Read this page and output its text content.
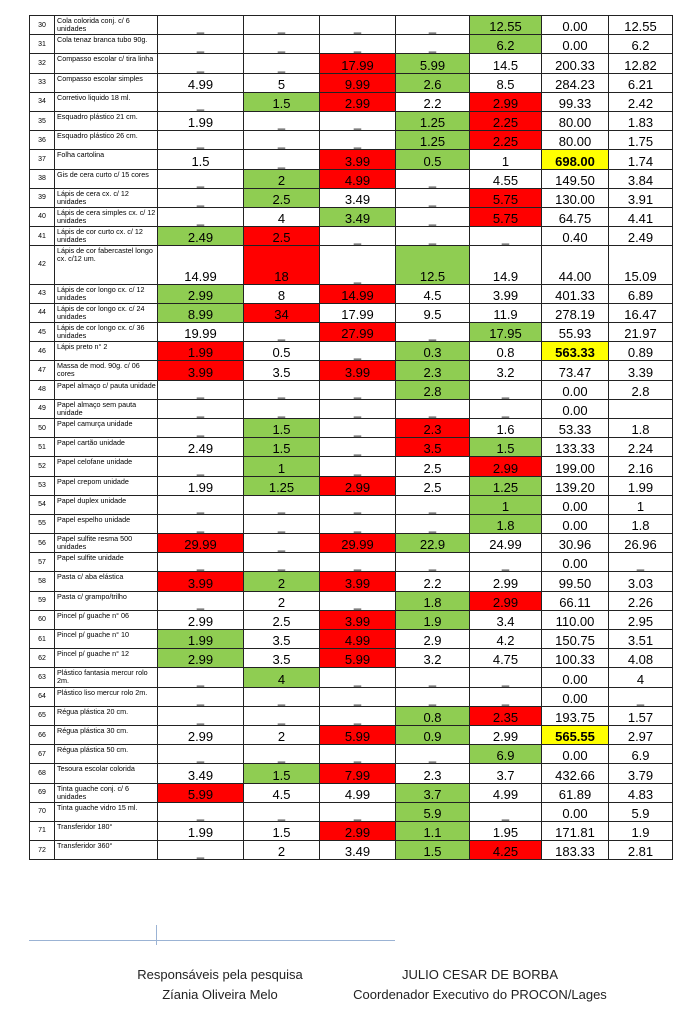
30	Cola colorida conj. c/ 6 unidades	_	_	_	_	12.55	0.00	12.55
31	Cola tenaz branca tubo 90g.	_	_	_	_	6.2	0.00	6.2
32	Compasso escolar c/ tira linha	_	_	17.99	5.99	14.5	200.33	12.82
33	Compasso escolar simples	4.99	5	9.99	2.6	8.5	284.23	6.21
34	Corretivo liquido 18 ml.	_	1.5	2.99	2.2	2.99	99.33	2.42
35	Esquadro plástico 21 cm.	1.99	_	_	1.25	2.25	80.00	1.83
36	Esquadro plástico 26 cm.	_	_	_	1.25	2.25	80.00	1.75
37	Folha cartolina	1.5	_	3.99	0.5	1	698.00	1.74
38	Gis de cera curto c/ 15 cores	_	2	4.99	_	4.55	149.50	3.84
39	Lápis de cera cx. c/ 12 unidades	_	2.5	3.49	_	5.75	130.00	3.91
40	Lápis de cera simples cx. c/ 12 unidades	_	4	3.49	_	5.75	64.75	4.41
41	Lápis de cor curto cx. c/ 12 unidades	2.49	2.5	_	_	_	0.40	2.49
42	Lápis de cor fabercastel longo cx. c/12 um.	14.99	18	_	12.5	14.9	44.00	15.09
43	Lápis de cor longo cx. c/ 12 unidades	2.99	8	14.99	4.5	3.99	401.33	6.89
44	Lápis de cor longo cx. c/ 24 unidades	8.99	34	17.99	9.5	11.9	278.19	16.47
45	Lápis de cor longo cx. c/ 36 unidades	19.99	_	27.99	_	17.95	55.93	21.97
46	Lápis preto n° 2	1.99	0.5	_	0.3	0.8	563.33	0.89
47	Massa de mod. 90g. c/ 06 cores	3.99	3.5	3.99	2.3	3.2	73.47	3.39
48	Papel almaço c/ pauta unidade	_	_	_	2.8	_	0.00	2.8
49	Papel almaço sem pauta unidade	_	_	_	_	_	0.00	
50	Papel camurça unidade	_	1.5	_	2.3	1.6	53.33	1.8
51	Papel cartão unidade	2.49	1.5	_	3.5	1.5	133.33	2.24
52	Papel celofane unidade	_	1	_	2.5	2.99	199.00	2.16
53	Papel crepom unidade	1.99	1.25	2.99	2.5	1.25	139.20	1.99
54	Papel duplex unidade	_	_	_	_	1	0.00	1
55	Papel espelho unidade	_	_	_	_	1.8	0.00	1.8
56	Papel sulfite resma 500 unidades	29.99	_	29.99	22.9	24.99	30.96	26.96
57	Papel sulfite unidade	_	_	_	_	_	0.00	_
58	Pasta c/ aba elástica	3.99	2	3.99	2.2	2.99	99.50	3.03
59	Pasta c/ grampo/trilho	_	2	_	1.8	2.99	66.11	2.26
60	Pincel p/ guache n° 06	2.99	2.5	3.99	1.9	3.4	110.00	2.95
61	Pincel p/ guache n° 10	1.99	3.5	4.99	2.9	4.2	150.75	3.51
62	Pincel p/ guache n° 12	2.99	3.5	5.99	3.2	4.75	100.33	4.08
63	Plástico fantasia mercur rolo 2m.	_	4	_	_	_	0.00	4
64	Plástico liso mercur rolo 2m.	_	_	_	_	_	0.00	_
65	Régua plástica 20 cm.	_	_	_	0.8	2.35	193.75	1.57
66	Régua plástica 30 cm.	2.99	2	5.99	0.9	2.99	565.55	2.97
67	Régua plástica 50 cm.	_	_	_	_	6.9	0.00	6.9
68	Tesoura escolar colorida	3.49	1.5	7.99	2.3	3.7	432.66	3.79
69	Tinta guache conj. c/ 6 unidades	5.99	4.5	4.99	3.7	4.99	61.89	4.83
70	Tinta guache vidro 15 ml.	_	_	_	5.9	_	0.00	5.9
71	Transferidor 180°	1.99	1.5	2.99	1.1	1.95	171.81	1.9
72	Transferidor 360°	_	2	3.49	1.5	4.25	183.33	2.81
Responsáveis pela pesquisa
Zíania Oliveira Melo
JULIO CESAR DE BORBA
Coordenador Executivo do PROCON/Lages
